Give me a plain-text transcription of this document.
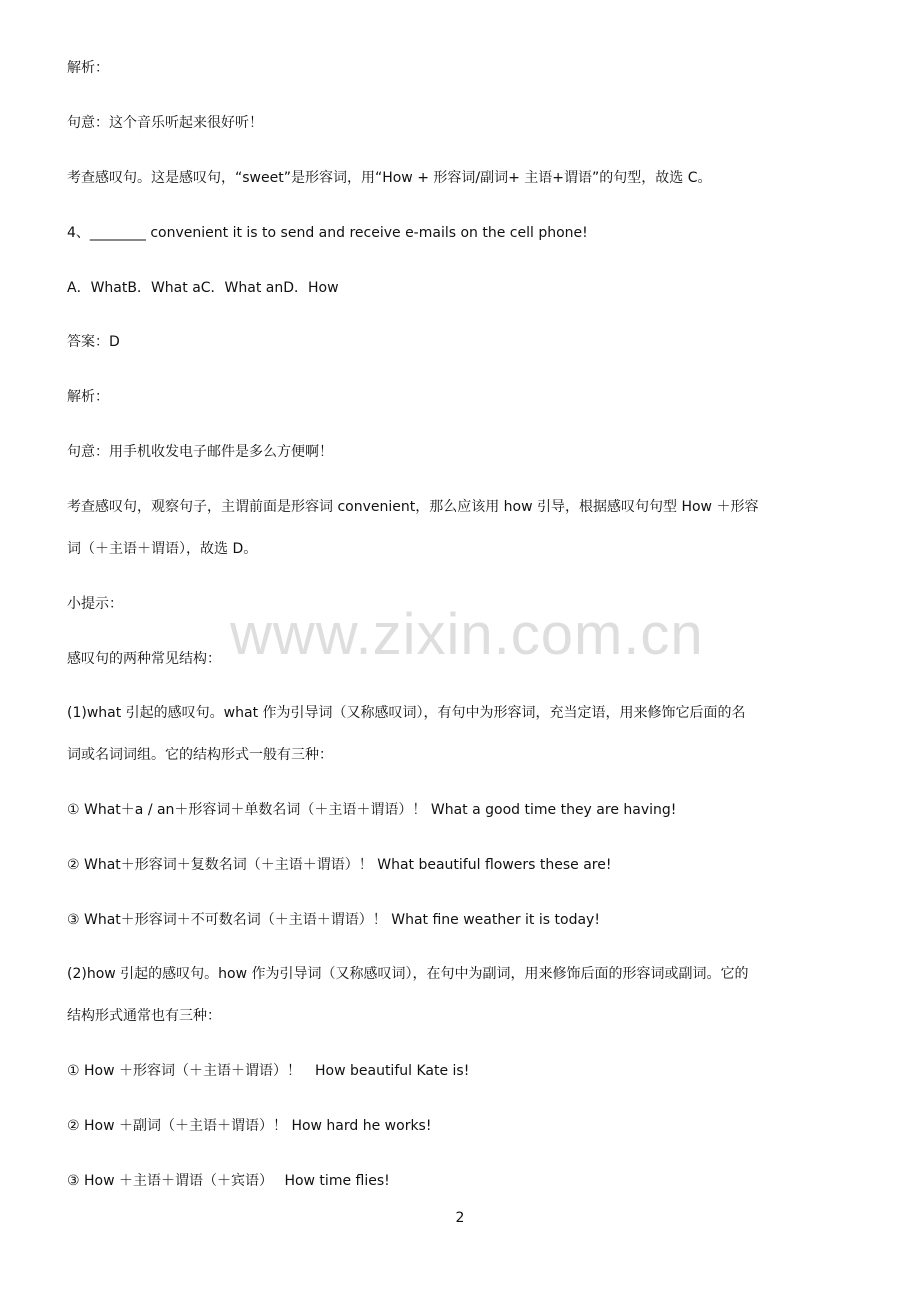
www.zixin.com.cn
解析：
句意：这个音乐听起来很好听！
考查感叹句。这是感叹句，“sweet”是形容词，用“How + 形容词/副词+ 主语+谓语”的句型，故选 C。
4、________ convenient it is to send and receive e-mails on the cell phone!
A．WhatB．What aC．What anD．How
答案：D
解析：
句意：用手机收发电子邮件是多么方便啊！
考查感叹句，观察句子，主谓前面是形容词 convenient，那么应该用 how 引导，根据感叹句句型 How ＋形容
词（＋主语＋谓语），故选 D。
小提示：
感叹句的两种常见结构：
(1)what 引起的感叹句。what 作为引导词（又称感叹词），有句中为形容词，充当定语，用来修饰它后面的名
词或名词词组。它的结构形式一般有三种：
① What＋a / an＋形容词＋单数名词（＋主语＋谓语）！ What a good time they are having!
② What＋形容词＋复数名词（＋主语＋谓语）！ What beautiful flowers these are!
③ What＋形容词＋不可数名词（＋主语＋谓语）！ What fine weather it is today!
(2)how 引起的感叹句。how 作为引导词（又称感叹词），在句中为副词，用来修饰后面的形容词或副词。它的
结构形式通常也有三种：
① How ＋形容词（＋主语＋谓语）！　How beautiful Kate is!
② How ＋副词（＋主语＋谓语）！ How hard he works!
③ How ＋主语＋谓语（＋宾语）　 How time flies!
2
